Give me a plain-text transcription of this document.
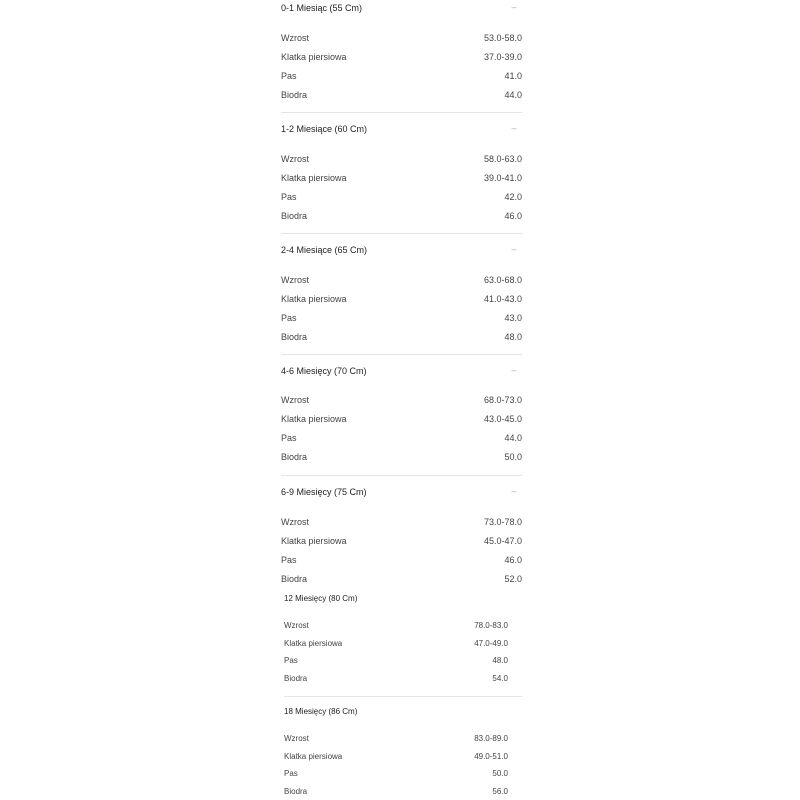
0-1 Miesiąc (55 Cm)	–
Wzrost	53.0-58.0
Klatka piersiowa	37.0-39.0
Pas	41.0
Biodra	44.0
1-2 Miesiące (60 Cm)	–
Wzrost	58.0-63.0
Klatka piersiowa	39.0-41.0
Pas	42.0
Biodra	46.0
2-4 Miesiące (65 Cm)	–
Wzrost	63.0-68.0
Klatka piersiowa	41.0-43.0
Pas	43.0
Biodra	48.0
4-6 Miesięcy (70 Cm)	–
Wzrost	68.0-73.0
Klatka piersiowa	43.0-45.0
Pas	44.0
Biodra	50.0
6-9 Miesięcy (75 Cm)	–
Wzrost	73.0-78.0
Klatka piersiowa	45.0-47.0
Pas	46.0
Biodra	52.0
12 Miesięcy (80 Cm)
Wzrost	78.0-83.0
Klatka piersiowa	47.0-49.0
Pas	48.0
Biodra	54.0
18 Miesięcy (86 Cm)
Wzrost	83.0-89.0
Klatka piersiowa	49.0-51.0
Pas	50.0
Biodra	56.0
